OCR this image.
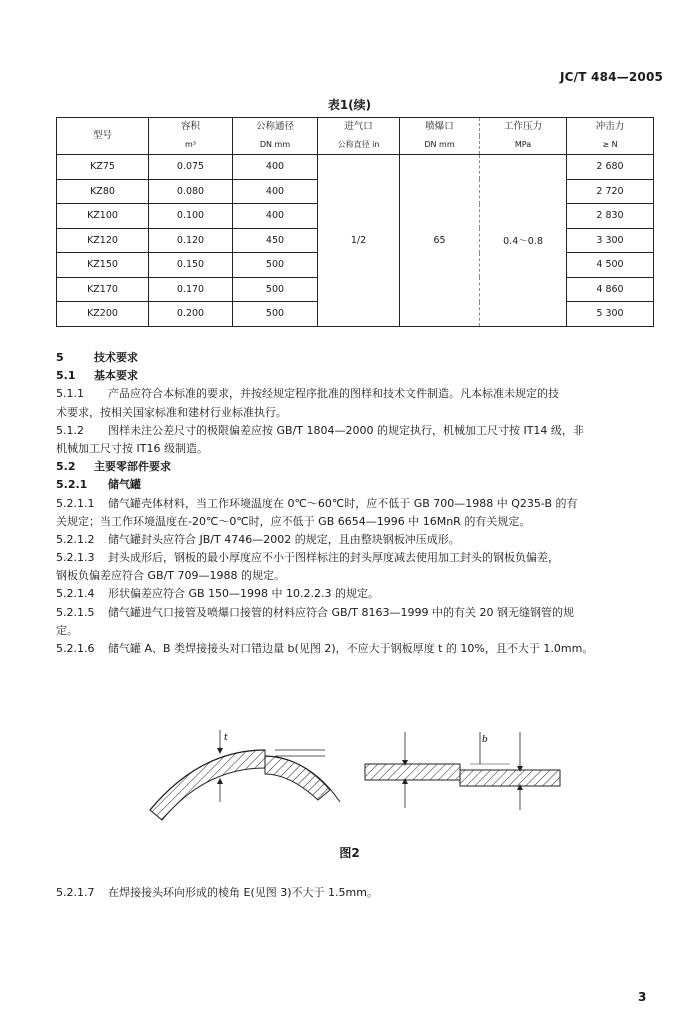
JC/T 484—2005
表1(续)
型号	容积	公称通径	进气口	喷爆口	工作压力	冲击力
	m³	DN mm	公称直径 in	DN mm	MPa	≥ N
KZ75	0.075	400	1/2	65	0.4～0.8	2 680
KZ80	0.080	400				2 720
KZ100	0.100	400				2 830
KZ120	0.120	450				3 300
KZ150	0.150	500				4 500
KZ170	0.170	500				4 860
KZ200	0.200	500				5 300
5	技术要求
5.1 基本要求
5.1.1 产品应符合本标准的要求，并按经规定程序批准的图样和技术文件制造。凡本标准未规定的技
术要求，按相关国家标准和建材行业标准执行。
5.1.2 图样未注公差尺寸的极限偏差应按 GB/T 1804—2000 的规定执行，机械加工尺寸按 IT14 级，非
机械加工尺寸按 IT16 级制造。
5.2 主要零部件要求
5.2.1 储气罐
5.2.1.1 储气罐壳体材料，当工作环境温度在 0℃～60℃时，应不低于 GB 700—1988 中 Q235-B 的有
关规定；当工作环境温度在-20℃～0℃时，应不低于 GB 6654—1996 中 16MnR 的有关规定。
5.2.1.2 储气罐封头应符合 JB/T 4746—2002 的规定，且由整块钢板冲压成形。
5.2.1.3 封头成形后，钢板的最小厚度应不小于图样标注的封头厚度减去使用加工封头的钢板负偏差，
钢板负偏差应符合 GB/T 709—1988 的规定。
5.2.1.4 形状偏差应符合 GB 150—1998 中 10.2.2.3 的规定。
5.2.1.5 储气罐进气口接管及喷爆口接管的材料应符合 GB/T 8163—1999 中的有关 20 钢无缝钢管的规
定。
5.2.1.6 储气罐 A、B 类焊接接头对口错边量 b(见图 2)，不应大于钢板厚度 t 的 10%，且不大于 1.0mm。
t	b
图2
5.2.1.7 在焊接接头环向形成的棱角 E(见图 3)不大于 1.5mm。
3
